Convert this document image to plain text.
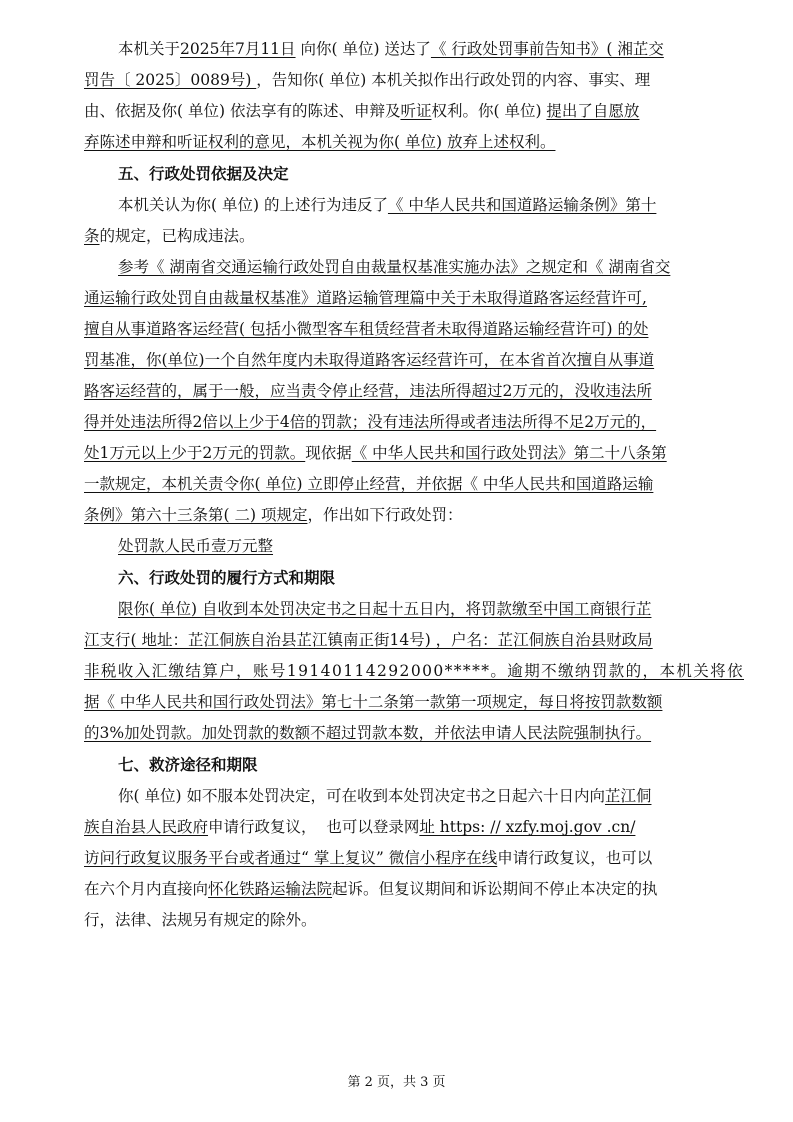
本机关于2025年7月11日 向你( 单位) 送达了《 行政处罚事前告知书》( 湘芷交
罚告〔 2025〕0089号) ，告知你( 单位) 本机关拟作出行政处罚的内容、事实、理
由、依据及你( 单位) 依法享有的陈述、申辩及听证权利。你( 单位) 提出了自愿放
弃陈述申辩和听证权利的意见，本机关视为你( 单位) 放弃上述权利。
五、行政处罚依据及决定
本机关认为你( 单位) 的上述行为违反了《 中华人民共和国道路运输条例》第十
条的规定，已构成违法。
参考《 湖南省交通运输行政处罚自由裁量权基准实施办法》之规定和《 湖南省交
通运输行政处罚自由裁量权基准》道路运输管理篇中关于未取得道路客运经营许可,
擅自从事道路客运经营( 包括小微型客车租赁经营者未取得道路运输经营许可) 的处
罚基准，你(单位)一个自然年度内未取得道路客运经营许可，在本省首次擅自从事道
路客运经营的，属于一般，应当责令停止经营，违法所得超过2万元的，没收违法所
得并处违法所得2倍以上少于4倍的罚款；没有违法所得或者违法所得不足2万元的，
处1万元以上少于2万元的罚款。现依据《 中华人民共和国行政处罚法》第二十八条第
一款规定，本机关责令你( 单位) 立即停止经营，并依据《 中华人民共和国道路运输
条例》第六十三条第( 二) 项规定，作出如下行政处罚：
处罚款人民币壹万元整
六、行政处罚的履行方式和期限
限你( 单位) 自收到本处罚决定书之日起十五日内，将罚款缴至中国工商银行芷
江支行( 地址：芷江侗族自治县芷江镇南正街14号) ，户名：芷江侗族自治县财政局
非税收入汇缴结算户，账号19140114292000*****。逾期不缴纳罚款的，本机关将依
据《 中华人民共和国行政处罚法》第七十二条第一款第一项规定，每日将按罚款数额
的3%加处罚款。加处罚款的数额不超过罚款本数，并依法申请人民法院强制执行。
七、救济途径和期限
你( 单位) 如不服本处罚决定，可在收到本处罚决定书之日起六十日内向芷江侗
族自治县人民政府申请行政复议，  也可以登录网址 https: // xzfy.moj.gov .cn/
访问行政复议服务平台或者通过“ 掌上复议” 微信小程序在线申请行政复议，也可以
在六个月内直接向怀化铁路运输法院起诉。但复议期间和诉讼期间不停止本决定的执
行，法律、法规另有规定的除外。
第 2 页，共 3 页
